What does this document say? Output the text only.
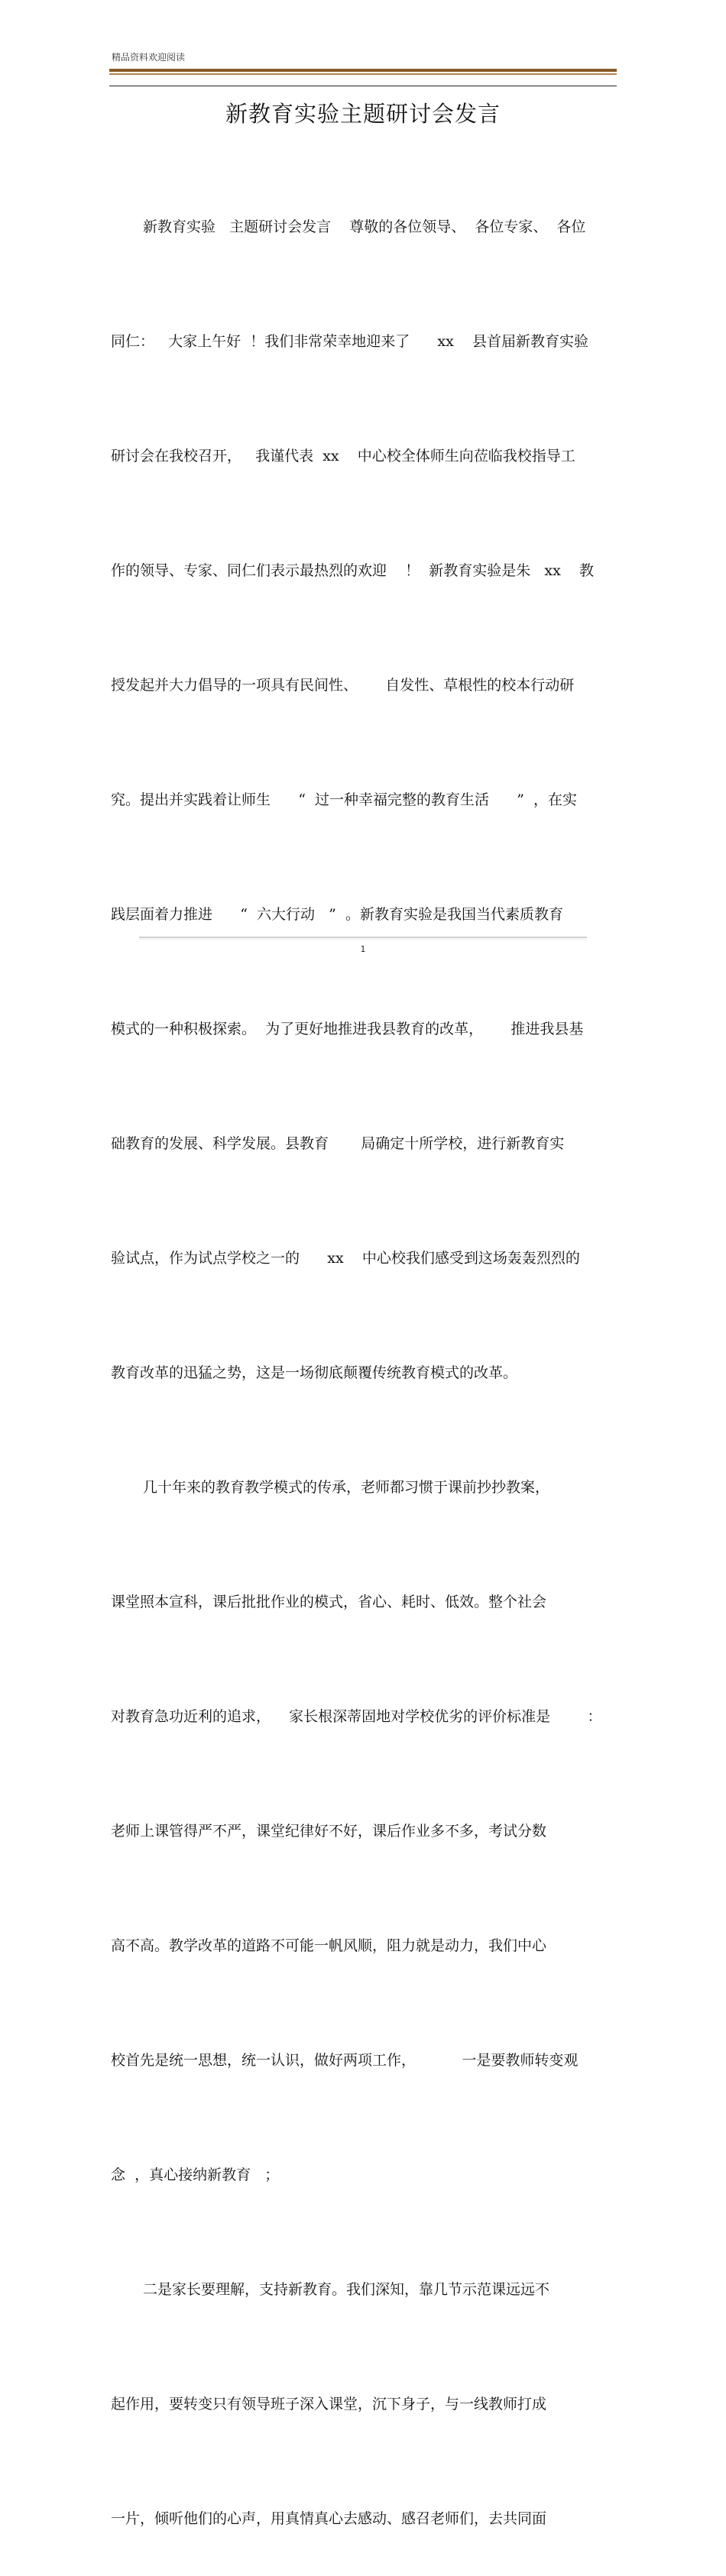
精品资料欢迎阅读

新教育实验主题研讨会发言

新教育实验   主题研讨会发言    尊敬的各位领导、  各位专家、  各位

同仁：   大家上午好  ！我们非常荣幸地迎来了      xx    县首届新教育实验

研讨会在我校召开，   我谨代表  xx    中心校全体师生向莅临我校指导工

作的领导、专家、同仁们表示最热烈的欢迎    ！  新教育实验是朱   xx    教

授发起并大力倡导的一项具有民间性、      自发性、草根性的校本行动研

究。提出并实践着让师生      “  过一种幸福完整的教育生活      ”  ，在实

践层面着力推进      “  六大行动   ”  。新教育实验是我国当代素质教育

模式的一种积极探索。  为了更好地推进我县教育的改革，      推进我县基

础教育的发展、科学发展。县教育       局确定十所学校，进行新教育实

验试点，作为试点学校之一的      xx    中心校我们感受到这场轰轰烈烈的

教育改革的迅猛之势，这是一场彻底颠覆传统教育模式的改革。

几十年来的教育教学模式的传承，老师都习惯于课前抄抄教案，

课堂照本宣科，课后批批作业的模式，省心、耗时、低效。整个社会

对教育急功近利的追求，    家长根深蒂固地对学校优劣的评价标准是        ：

老师上课管得严不严，课堂纪律好不好，课后作业多不多，考试分数

高不高。教学改革的道路不可能一帆风顺，阻力就是动力，我们中心

校首先是统一思想，统一认识，做好两项工作，          一是要教师转变观

念  ，真心接纳新教育   ；

二是家长要理解，支持新教育。我们深知，靠几节示范课远远不

起作用，要转变只有领导班子深入课堂，沉下身子，与一线教师打成

一片，倾听他们的心声，用真情真心去感动、感召老师们，去共同面

1
